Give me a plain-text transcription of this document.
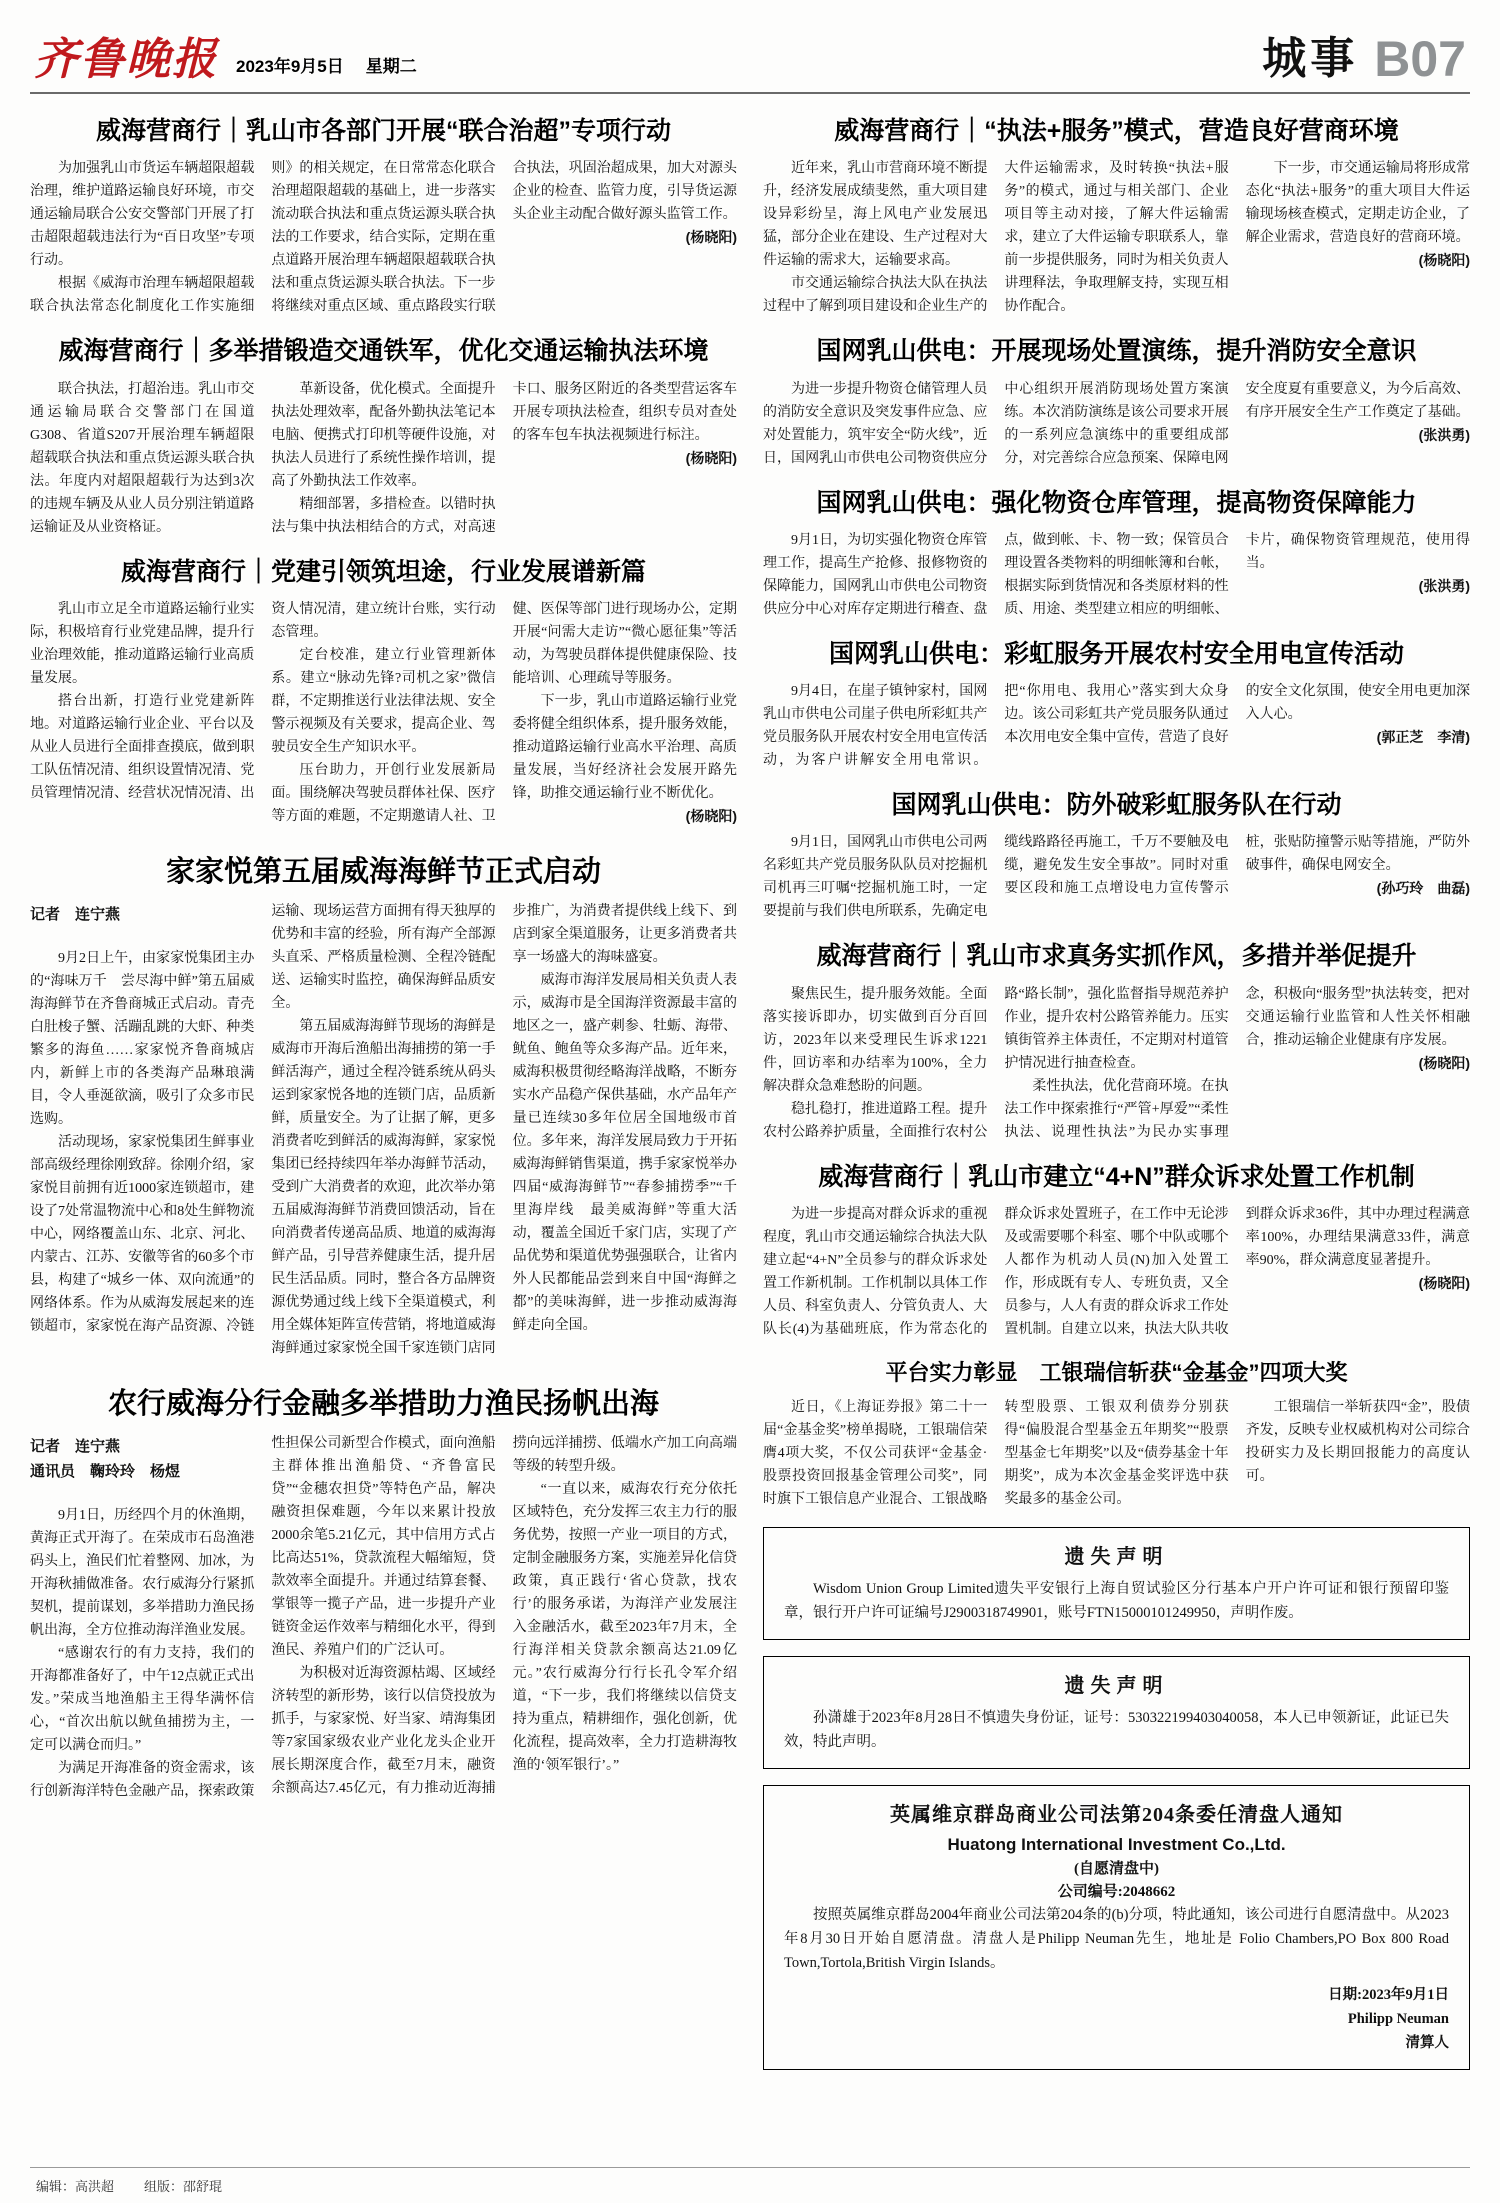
齐鲁晚报 2023年9月5日 星期二	城事 B07
威海营商行｜乳山市各部门开展“联合治超”专项行动

为加强乳山市货运车辆超限超载治理，维护道路运输良好环境，市交通运输局联合公安交警部门开展了打击超限超载违法行为“百日攻坚”专项行动。

根据《威海市治理车辆超限超载联合执法常态化制度化工作实施细则》的相关规定，在日常常态化联合治理超限超载的基础上，进一步落实流动联合执法和重点货运源头联合执法的工作要求，结合实际，定期在重点道路开展治理车辆超限超载联合执法和重点货运源头联合执法。下一步将继续对重点区域、重点路段实行联合执法，巩固治超成果，加大对源头企业的检查、监管力度，引导货运源头企业主动配合做好源头监管工作。

(杨晓阳)

威海营商行｜多举措锻造交通铁军，优化交通运输执法环境

联合执法，打超治违。乳山市交通运输局联合交警部门在国道G308、省道S207开展治理车辆超限超载联合执法和重点货运源头联合执法。年度内对超限超载行为达到3次的违规车辆及从业人员分别注销道路运输证及从业资格证。

革新设备，优化模式。全面提升执法处理效率，配备外勤执法笔记本电脑、便携式打印机等硬件设施，对执法人员进行了系统性操作培训，提高了外勤执法工作效率。

精细部署，多措检查。以错时执法与集中执法相结合的方式，对高速卡口、服务区附近的各类型营运客车开展专项执法检查，组织专员对查处的客车包车执法视频进行标注。

(杨晓阳)

威海营商行｜党建引领筑坦途，行业发展谱新篇

乳山市立足全市道路运输行业实际，积极培育行业党建品牌，提升行业治理效能，推动道路运输行业高质量发展。

搭台出新，打造行业党建新阵地。对道路运输行业企业、平台以及从业人员进行全面排查摸底，做到职工队伍情况清、组织设置情况清、党员管理情况清、经营状况情况清、出资人情况清，建立统计台账，实行动态管理。

定台校准，建立行业管理新体系。建立“脉动先锋?司机之家”微信群，不定期推送行业法律法规、安全警示视频及有关要求，提高企业、驾驶员安全生产知识水平。

压台助力，开创行业发展新局面。围绕解决驾驶员群体社保、医疗等方面的难题，不定期邀请人社、卫健、医保等部门进行现场办公，定期开展“问需大走访”“微心愿征集”等活动，为驾驶员群体提供健康保险、技能培训、心理疏导等服务。

下一步，乳山市道路运输行业党委将健全组织体系，提升服务效能，推动道路运输行业高水平治理、高质量发展，当好经济社会发展开路先锋，助推交通运输行业不断优化。

(杨晓阳)

家家悦第五届威海海鲜节正式启动

记者　连宁燕

9月2日上午，由家家悦集团主办的“海味万千　尝尽海中鲜”第五届威海海鲜节在齐鲁商城正式启动。青壳白肚梭子蟹、活蹦乱跳的大虾、种类繁多的海鱼……家家悦齐鲁商城店内，新鲜上市的各类海产品琳琅满目，令人垂涎欲滴，吸引了众多市民选购。

活动现场，家家悦集团生鲜事业部高级经理徐刚致辞。徐刚介绍，家家悦目前拥有近1000家连锁超市，建设了7处常温物流中心和8处生鲜物流中心，网络覆盖山东、北京、河北、内蒙古、江苏、安徽等省的60多个市县，构建了“城乡一体、双向流通”的网络体系。作为从威海发展起来的连锁超市，家家悦在海产品资源、冷链运输、现场运营方面拥有得天独厚的优势和丰富的经验，所有海产全部源头直采、严格质量检测、全程冷链配送、运输实时监控，确保海鲜品质安全。

第五届威海海鲜节现场的海鲜是威海市开海后渔船出海捕捞的第一手鲜活海产，通过全程冷链系统从码头运到家家悦各地的连锁门店，品质新鲜，质量安全。为了让据了解，更多消费者吃到鲜活的威海海鲜，家家悦集团已经持续四年举办海鲜节活动，受到广大消费者的欢迎，此次举办第五届威海海鲜节消费回馈活动，旨在向消费者传递高品质、地道的威海海鲜产品，引导营养健康生活，提升居民生活品质。同时，整合各方品牌资源优势通过线上线下全渠道模式，利用全媒体矩阵宣传营销，将地道威海海鲜通过家家悦全国千家连锁门店同步推广，为消费者提供线上线下、到店到家全渠道服务，让更多消费者共享一场盛大的海味盛宴。

威海市海洋发展局相关负责人表示，威海市是全国海洋资源最丰富的地区之一，盛产刺参、牡蛎、海带、鱿鱼、鲍鱼等众多海产品。近年来，威海积极贯彻经略海洋战略，不断夯实水产品稳产保供基础，水产品年产量已连续30多年位居全国地级市首位。多年来，海洋发展局致力于开拓威海海鲜销售渠道，携手家家悦举办四届“威海海鲜节”“春参捕捞季”“千里海岸线　最美威海鲜”等重大活动，覆盖全国近千家门店，实现了产品优势和渠道优势强强联合，让省内外人民都能品尝到来自中国“海鲜之都”的美味海鲜，进一步推动威海海鲜走向全国。

农行威海分行金融多举措助力渔民扬帆出海

记者　连宁燕

通讯员　鞠玲玲　杨煜

9月1日，历经四个月的休渔期，黄海正式开海了。在荣成市石岛渔港码头上，渔民们忙着整网、加冰，为开海秋捕做准备。农行威海分行紧抓契机，提前谋划，多举措助力渔民扬帆出海，全方位推动海洋渔业发展。

“感谢农行的有力支持，我们的开海都准备好了，中午12点就正式出发。”荣成当地渔船主王得华满怀信心，“首次出航以鱿鱼捕捞为主，一定可以满仓而归。”

为满足开海准备的资金需求，该行创新海洋特色金融产品，探索政策性担保公司新型合作模式，面向渔船主群体推出渔船贷、“齐鲁富民贷”“金穗农担贷”等特色产品，解决融资担保难题，今年以来累计投放2000余笔5.21亿元，其中信用方式占比高达51%，贷款流程大幅缩短，贷款效率全面提升。并通过结算套餐、掌银等一揽子产品，进一步提升产业链资金运作效率与精细化水平，得到渔民、养殖户们的广泛认可。

为积极对近海资源枯竭、区域经济转型的新形势，该行以信贷投放为抓手，与家家悦、好当家、靖海集团等7家国家级农业产业化龙头企业开展长期深度合作，截至7月末，融资余额高达7.45亿元，有力推动近海捕捞向远洋捕捞、低端水产加工向高端等级的转型升级。

“一直以来，威海农行充分依托区域特色，充分发挥三农主力行的服务优势，按照一产业一项目的方式，定制金融服务方案，实施差异化信贷政策，真正践行‘省心贷款，找农行’的服务承诺，为海洋产业发展注入金融活水，截至2023年7月末，全行海洋相关贷款余额高达21.09亿元。”农行威海分行行长孔令军介绍道，“下一步，我们将继续以信贷支持为重点，精耕细作，强化创新，优化流程，提高效率，全力打造耕海牧渔的‘领军银行’。”

威海营商行｜“执法+服务”模式，营造良好营商环境

近年来，乳山市营商环境不断提升，经济发展成绩斐然，重大项目建设异彩纷呈，海上风电产业发展迅猛，部分企业在建设、生产过程对大件运输的需求大，运输要求高。

市交通运输综合执法大队在执法过程中了解到项目建设和企业生产的大件运输需求，及时转换“执法+服务”的模式，通过与相关部门、企业项目等主动对接，了解大件运输需求，建立了大件运输专职联系人，靠前一步提供服务，同时为相关负责人讲理释法，争取理解支持，实现互相协作配合。

下一步，市交通运输局将形成常态化“执法+服务”的重大项目大件运输现场核查模式，定期走访企业，了解企业需求，营造良好的营商环境。

(杨晓阳)

国网乳山供电：开展现场处置演练，提升消防安全意识

为进一步提升物资仓储管理人员的消防安全意识及突发事件应急、应对处置能力，筑牢安全“防火线”，近日，国网乳山市供电公司物资供应分中心组织开展消防现场处置方案演练。本次消防演练是该公司要求开展的一系列应急演练中的重要组成部分，对完善综合应急预案、保障电网安全度夏有重要意义，为今后高效、有序开展安全生产工作奠定了基础。

(张洪勇)

国网乳山供电：强化物资仓库管理，提高物资保障能力

9月1日，为切实强化物资仓库管理工作，提高生产抢修、报修物资的保障能力，国网乳山市供电公司物资供应分中心对库存定期进行稽查、盘点，做到帐、卡、物一致；保管员合理设置各类物料的明细帐簿和台帐，根据实际到货情况和各类原材料的性质、用途、类型建立相应的明细帐、卡片，确保物资管理规范，使用得当。

(张洪勇)

国网乳山供电：彩虹服务开展农村安全用电宣传活动

9月4日，在崖子镇钟家村，国网乳山市供电公司崖子供电所彩虹共产党员服务队开展农村安全用电宣传活动，为客户讲解安全用电常识。把“你用电、我用心”落实到大众身边。该公司彩虹共产党员服务队通过本次用电安全集中宣传，营造了良好的安全文化氛围，使安全用电更加深入人心。

(郭正芝　李清)

国网乳山供电：防外破彩虹服务队在行动

9月1日，国网乳山市供电公司两名彩虹共产党员服务队队员对挖掘机司机再三叮嘱“挖掘机施工时，一定要提前与我们供电所联系，先确定电缆线路路径再施工，千万不要触及电缆，避免发生安全事故”。同时对重要区段和施工点增设电力宣传警示桩，张贴防撞警示贴等措施，严防外破事件，确保电网安全。

(孙巧玲　曲磊)

威海营商行｜乳山市求真务实抓作风，多措并举促提升

聚焦民生，提升服务效能。全面落实接诉即办，切实做到百分百回访，2023年以来受理民生诉求1221件，回访率和办结率为100%，全力解决群众急难愁盼的问题。

稳扎稳打，推进道路工程。提升农村公路养护质量，全面推行农村公路“路长制”，强化监督指导规范养护作业，提升农村公路管养能力。压实镇街管养主体责任，不定期对村道管护情况进行抽查检查。

柔性执法，优化营商环境。在执法工作中探索推行“严管+厚爱”“柔性执法、说理性执法”为民办实事理念，积极向“服务型”执法转变，把对交通运输行业监管和人性关怀相融合，推动运输企业健康有序发展。

(杨晓阳)

威海营商行｜乳山市建立“4+N”群众诉求处置工作机制

为进一步提高对群众诉求的重视程度，乳山市交通运输综合执法大队建立起“4+N”全员参与的群众诉求处置工作新机制。工作机制以具体工作人员、科室负责人、分管负责人、大队长(4)为基础班底，作为常态化的群众诉求处置班子，在工作中无论涉及或需要哪个科室、哪个中队或哪个人都作为机动人员(N)加入处置工作，形成既有专人、专班负责，又全员参与，人人有责的群众诉求工作处置机制。自建立以来，执法大队共收到群众诉求36件，其中办理过程满意率100%，办理结果满意33件，满意率90%，群众满意度显著提升。

(杨晓阳)

平台实力彰显　工银瑞信斩获“金基金”四项大奖

近日，《上海证券报》第二十一届“金基金奖”榜单揭晓，工银瑞信荣膺4项大奖，不仅公司获评“金基金·股票投资回报基金管理公司奖”，同时旗下工银信息产业混合、工银战略转型股票、工银双利债券分别获得“偏股混合型基金五年期奖”“股票型基金七年期奖”以及“债券基金十年期奖”，成为本次金基金奖评选中获奖最多的基金公司。

工银瑞信一举斩获四“金”，股债齐发，反映专业权威机构对公司综合投研实力及长期回报能力的高度认可。

遗失声明

Wisdom Union Group Limited遗失平安银行上海自贸试验区分行基本户开户许可证和银行预留印鉴章，银行开户许可证编号J2900318749901，账号FTN15000101249950，声明作废。

遗失声明

孙潇雄于2023年8月28日不慎遗失身份证，证号：530322199403040058，本人已申领新证，此证已失效，特此声明。

英属维京群岛商业公司法第204条委任清盘人通知
Huatong International Investment Co.,Ltd.
(自愿清盘中)
公司编号:2048662

按照英属维京群岛2004年商业公司法第204条的(b)分项，特此通知，该公司进行自愿清盘中。从2023年8月30日开始自愿清盘。清盘人是Philipp Neuman先生，地址是 Folio Chambers,PO Box 800 Road Town,Tortola,British Virgin Islands。

日期:2023年9月1日
Philipp Neuman
清算人
编辑：高洪超 组版：邵舒琨
